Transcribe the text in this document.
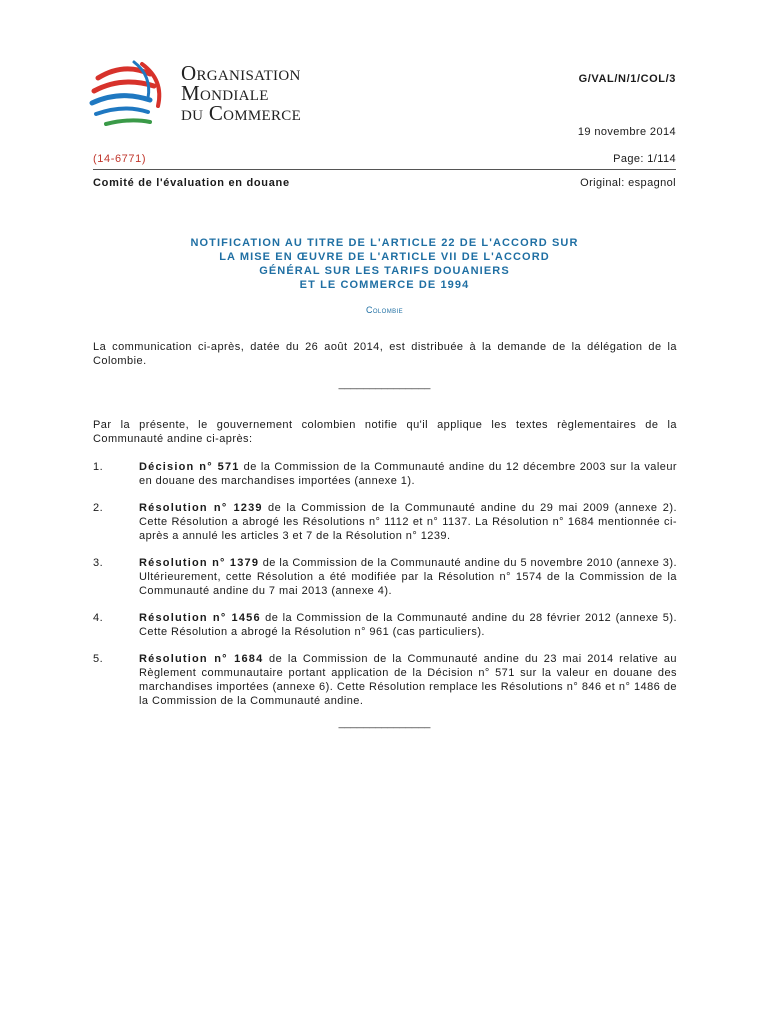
Organisation
Mondiale
du Commerce
G/VAL/N/1/COL/3
19 novembre 2014
(14-6771)	Page: 1/114
Comité de l'évaluation en douane	Original: espagnol
NOTIFICATION AU TITRE DE L'ARTICLE 22 DE L'ACCORD SUR
LA MISE EN ŒUVRE DE L'ARTICLE VII DE L'ACCORD
GÉNÉRAL SUR LES TARIFS DOUANIERS
ET LE COMMERCE DE 1994
Colombie
La communication ci-après, datée du 26 août 2014, est distribuée à la demande de la délégation de la Colombie.
_______________
Par la présente, le gouvernement colombien notifie qu'il applique les textes règlementaires de la Communauté andine ci-après:
1.	Décision n° 571 de la Commission de la Communauté andine du 12 décembre 2003 sur la valeur en douane des marchandises importées (annexe 1).
2.	Résolution n° 1239 de la Commission de la Communauté andine du 29 mai 2009 (annexe 2). Cette Résolution a abrogé les Résolutions n° 1112 et n° 1137. La Résolution n° 1684 mentionnée ci-après a annulé les articles 3 et 7 de la Résolution n° 1239.
3.	Résolution n° 1379 de la Commission de la Communauté andine du 5 novembre 2010 (annexe 3). Ultérieurement, cette Résolution a été modifiée par la Résolution n° 1574 de la Commission de la Communauté andine du 7 mai 2013 (annexe 4).
4.	Résolution n° 1456 de la Commission de la Communauté andine du 28 février 2012 (annexe 5). Cette Résolution a abrogé la Résolution n° 961 (cas particuliers).
5.	Résolution n° 1684 de la Commission de la Communauté andine du 23 mai 2014 relative au Règlement communautaire portant application de la Décision n° 571 sur la valeur en douane des marchandises importées (annexe 6). Cette Résolution remplace les Résolutions n° 846 et n° 1486 de la Commission de la Communauté andine.
_______________
